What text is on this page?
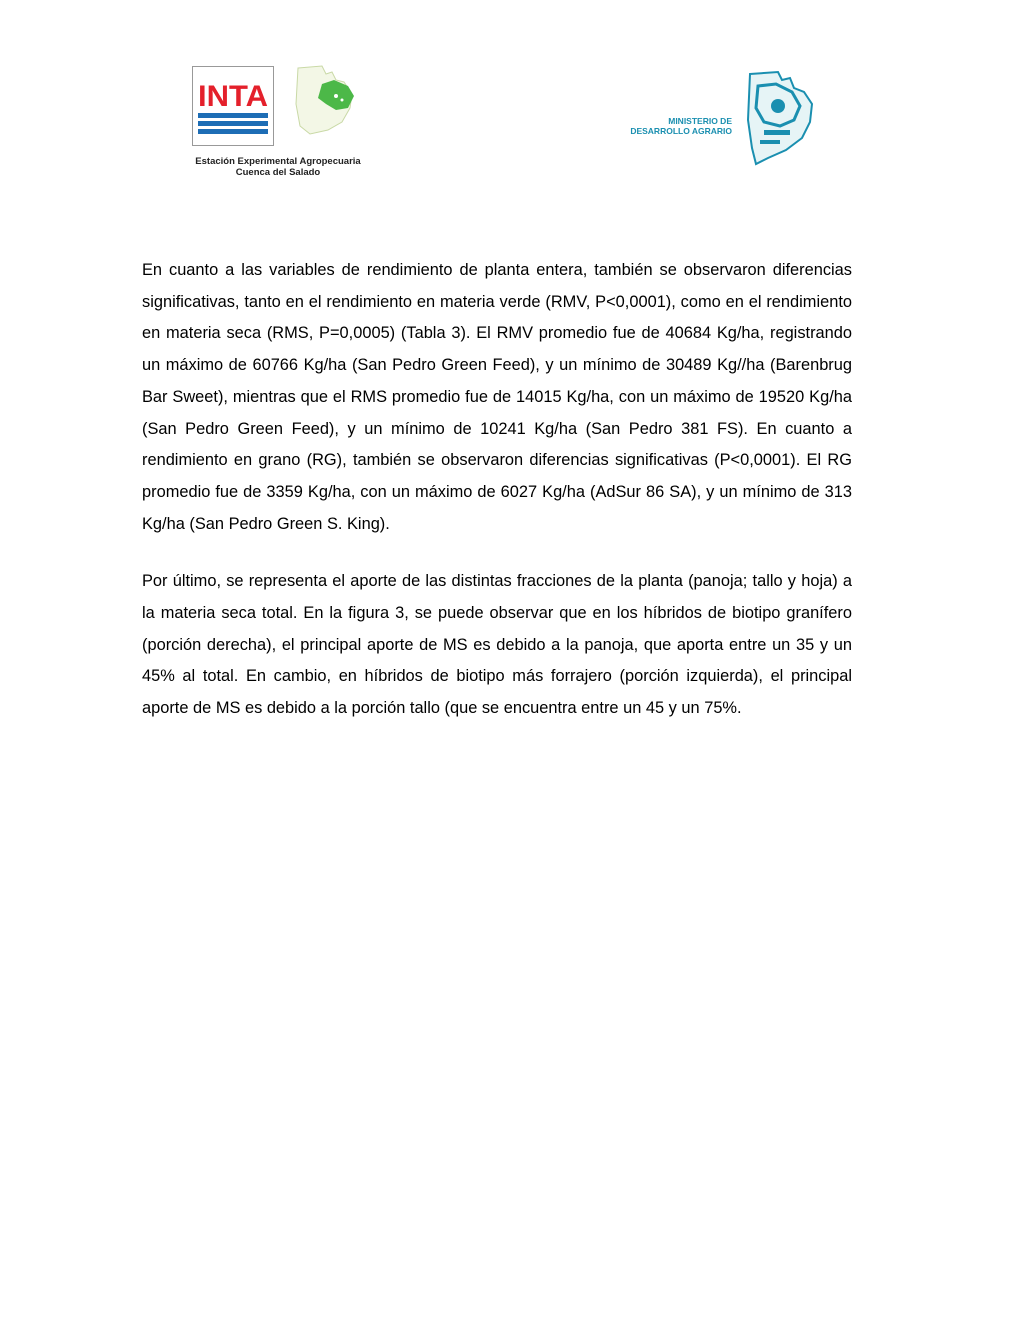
INTA
Estación Experimental Agropecuaria
Cuenca del Salado
MINISTERIO DE
DESARROLLO AGRARIO

En cuanto a las variables de rendimiento de planta entera, también se observaron diferencias significativas, tanto en el rendimiento en materia verde (RMV, P<0,0001), como en el rendimiento en materia seca (RMS, P=0,0005) (Tabla 3). El RMV promedio fue de 40684 Kg/ha, registrando un máximo de 60766 Kg/ha (San Pedro Green Feed), y un mínimo de 30489 Kg//ha (Barenbrug Bar Sweet), mientras que el RMS promedio fue de 14015 Kg/ha, con un máximo de 19520 Kg/ha (San Pedro Green Feed), y un mínimo de 10241 Kg/ha (San Pedro 381 FS). En cuanto a rendimiento en grano (RG), también se observaron diferencias significativas (P<0,0001). El RG promedio fue de 3359 Kg/ha, con un máximo de 6027 Kg/ha (AdSur 86 SA), y un mínimo de 313 Kg/ha (San Pedro Green S. King).

Por último, se representa el aporte de las distintas fracciones de la planta (panoja; tallo y hoja) a la materia seca total. En la figura 3, se puede observar que en los híbridos de biotipo granífero (porción derecha), el principal aporte de MS es debido a la panoja, que aporta entre un 35 y un 45% al total. En cambio, en híbridos de biotipo más forrajero (porción izquierda), el principal aporte de MS es debido a la porción tallo (que se encuentra entre un 45 y un 75%.
